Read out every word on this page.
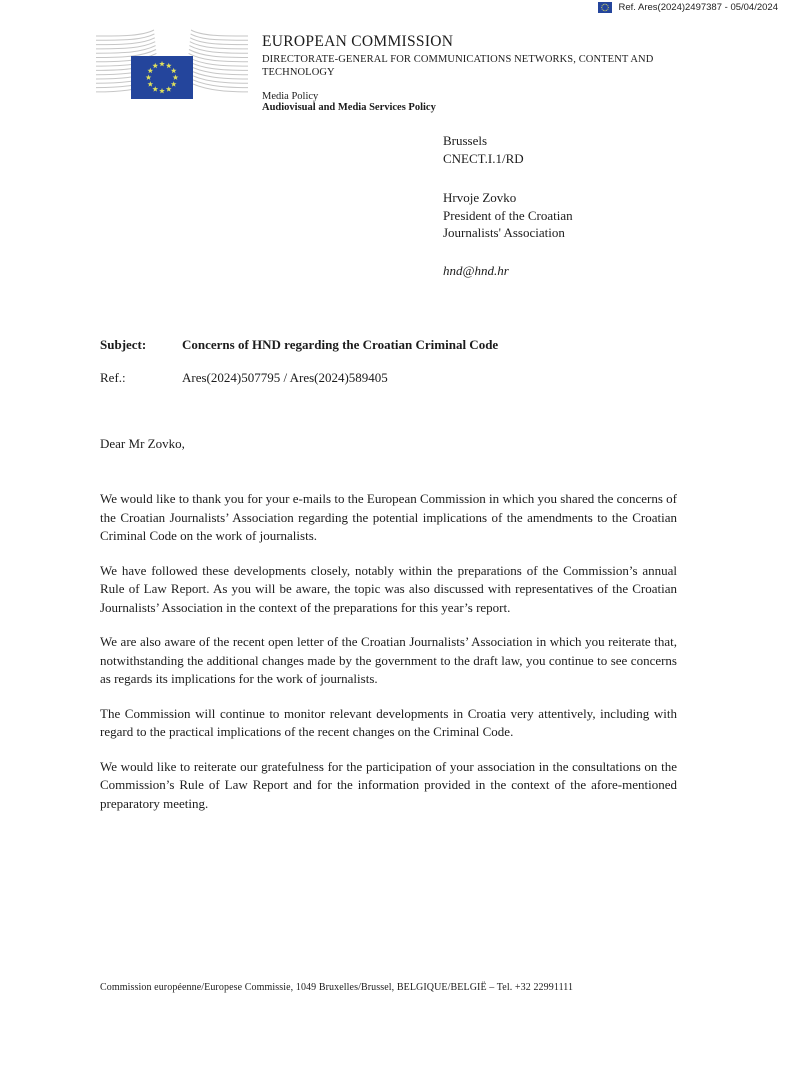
Ref. Ares(2024)2497387 - 05/04/2024
EUROPEAN COMMISSION
DIRECTORATE-GENERAL FOR COMMUNICATIONS NETWORKS, CONTENT AND TECHNOLOGY
Media Policy
Audiovisual and Media Services Policy
Brussels
CNECT.I.1/RD
Hrvoje Zovko
President of the Croatian
Journalists' Association
hnd@hnd.hr
Subject:	Concerns of HND regarding the Croatian Criminal Code
Ref.:	Ares(2024)507795 / Ares(2024)589405
Dear Mr Zovko,

We would like to thank you for your e-mails to the European Commission in which you shared the concerns of the Croatian Journalists’ Association regarding the potential implications of the amendments to the Croatian Criminal Code on the work of journalists.

We have followed these developments closely, notably within the preparations of the Commission’s annual Rule of Law Report. As you will be aware, the topic was also discussed with representatives of the Croatian Journalists’ Association in the context of the preparations for this year’s report.

We are also aware of the recent open letter of the Croatian Journalists’ Association in which you reiterate that, notwithstanding the additional changes made by the government to the draft law, you continue to see concerns as regards its implications for the work of journalists.

The Commission will continue to monitor relevant developments in Croatia very attentively, including with regard to the practical implications of the recent changes on the Criminal Code.

We would like to reiterate our gratefulness for the participation of your association in the consultations on the Commission’s Rule of Law Report and for the information provided in the context of the afore-mentioned preparatory meeting.

Commission européenne/Europese Commissie, 1049 Bruxelles/Brussel, BELGIQUE/BELGIË – Tel. +32 22991111
